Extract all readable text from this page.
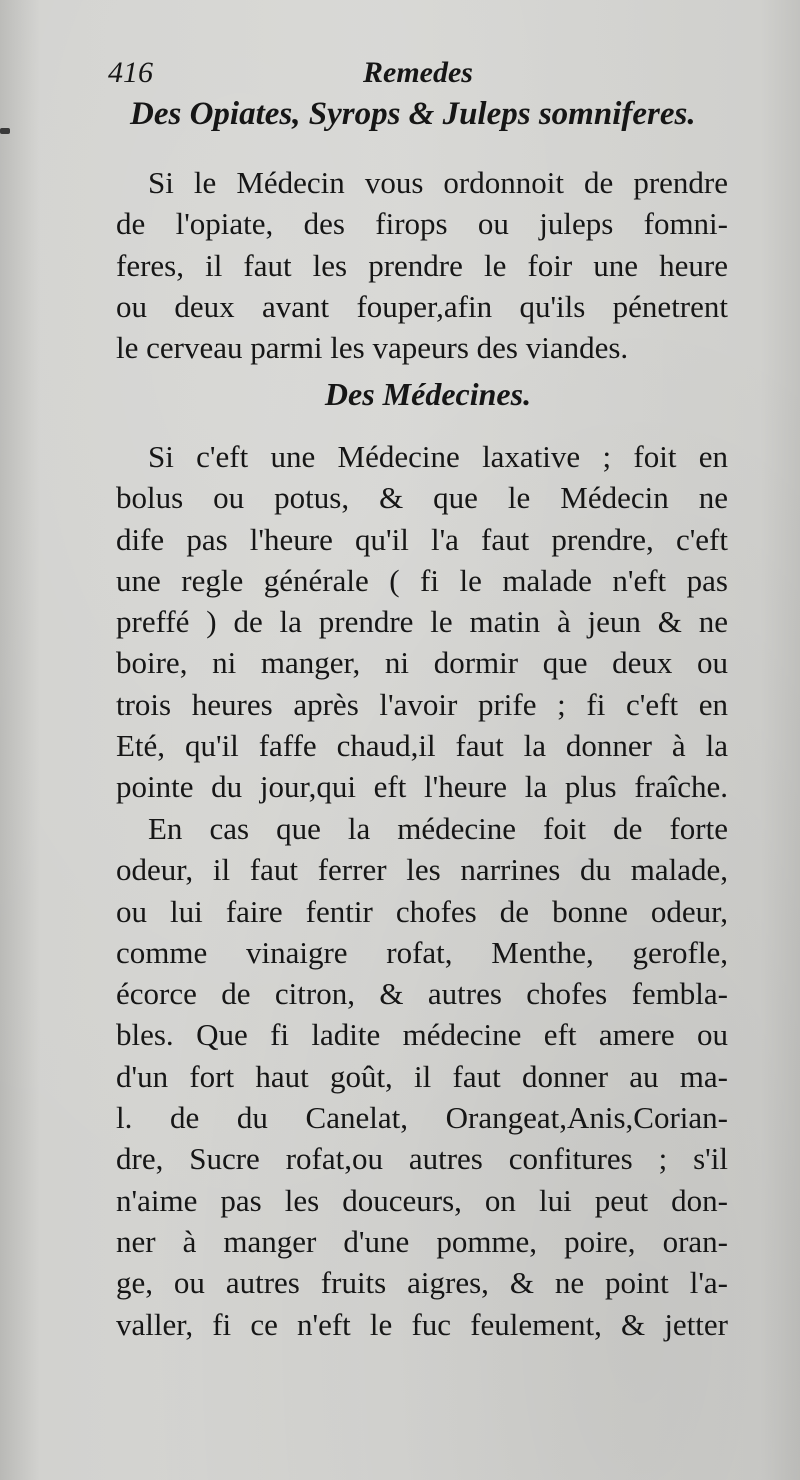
416	Remedes
Des Opiates, Syrops & Juleps somniferes.
Si le Médecin vous ordonnoit de prendre
de l'opiate, des firops ou juleps fomni-
feres, il faut les prendre le foir une heure
ou deux avant fouper,afin qu'ils pénetrent
le cerveau parmi les vapeurs des viandes.
Des Médecines.
Si c'eft une Médecine laxative ; foit en
bolus ou potus, & que le Médecin ne
dife pas l'heure qu'il l'a faut prendre, c'eft
une regle générale ( fi le malade n'eft pas
preffé ) de la prendre le matin à jeun & ne
boire, ni manger, ni dormir que deux ou
trois heures après l'avoir prife ; fi c'eft en
Eté, qu'il faffe chaud,il faut la donner à la
pointe du jour,qui eft l'heure la plus fraîche.
En cas que la médecine foit de forte
odeur, il faut ferrer les narrines du malade,
ou lui faire fentir chofes de bonne odeur,
comme vinaigre rofat, Menthe, gerofle,
écorce de citron, & autres chofes fembla-
bles. Que fi ladite médecine eft amere ou
d'un fort haut goût, il faut donner au ma-
l. de du Canelat, Orangeat,Anis,Corian-
dre, Sucre rofat,ou autres confitures ; s'il
n'aime pas les douceurs, on lui peut don-
ner à manger d'une pomme, poire, oran-
ge, ou autres fruits aigres, & ne point l'a-
valler, fi ce n'eft le fuc feulement, & jetter
